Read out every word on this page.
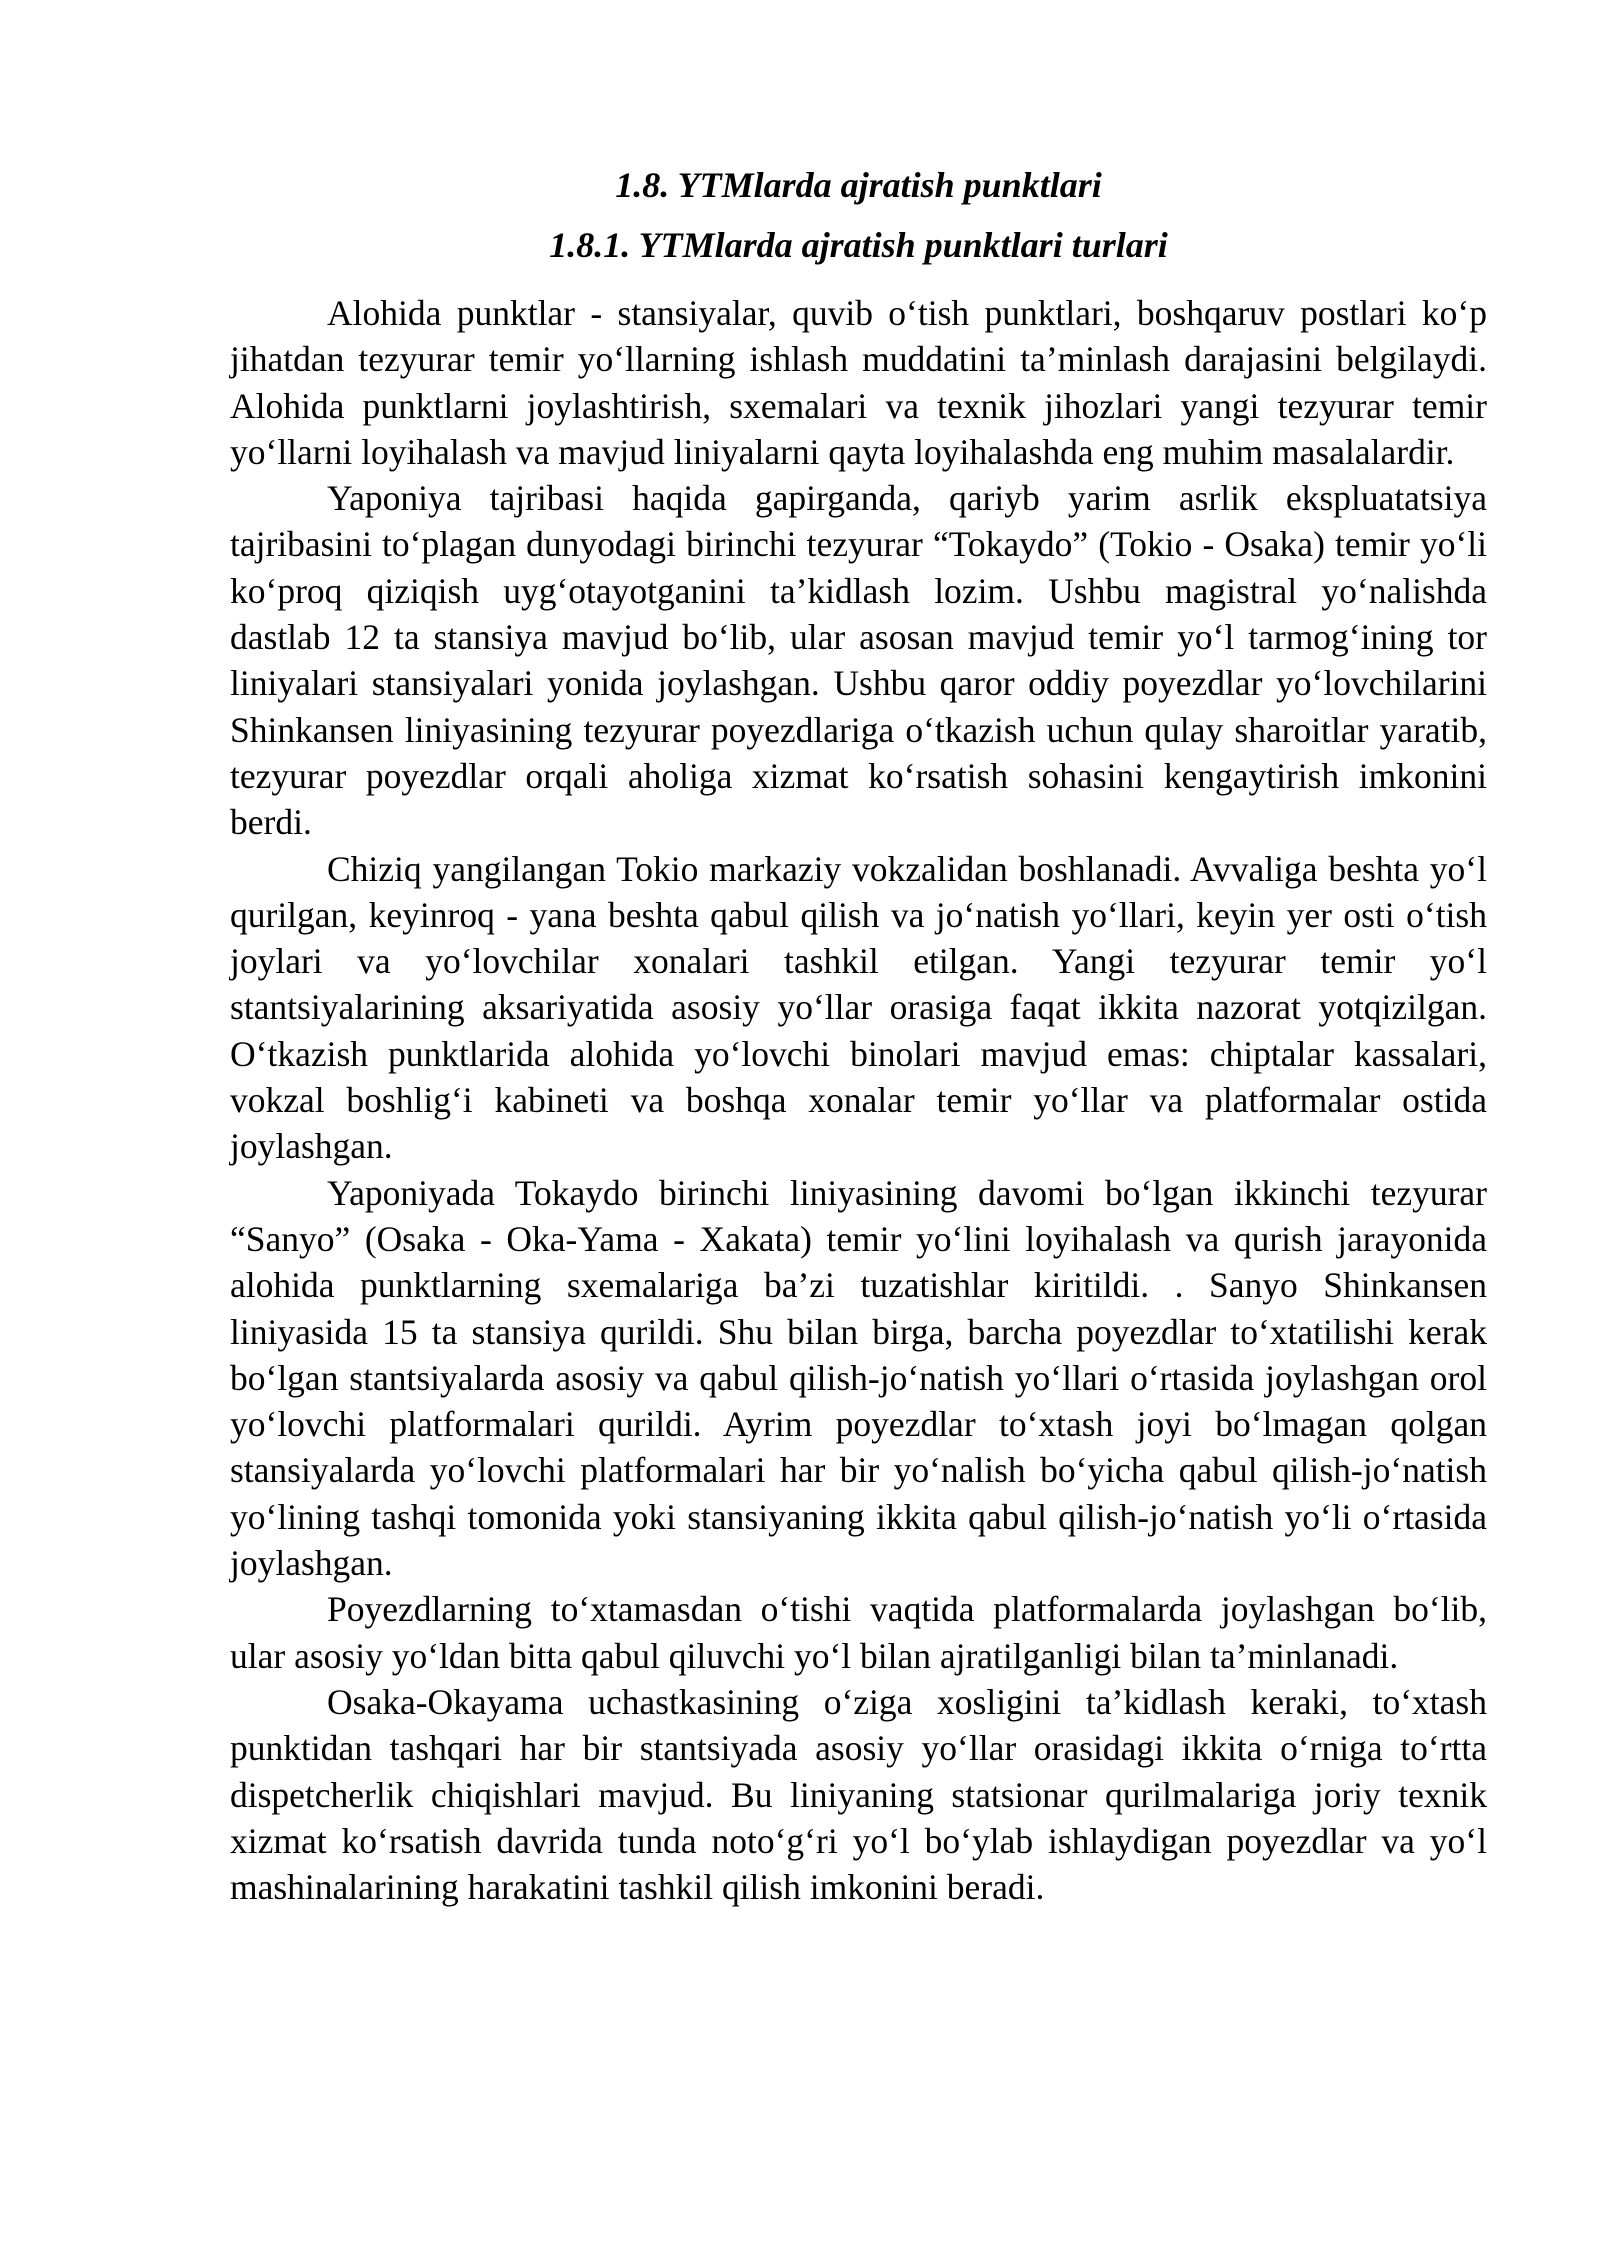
1.8. YTMlarda ajratish punktlari
1.8.1. YTMlarda ajratish punktlari turlari

Alohida punktlar - stansiyalar, quvib o‘tish punktlari, boshqaruv postlari ko‘p jihatdan tezyurar temir yo‘llarning ishlash muddatini ta’minlash darajasini belgilaydi. Alohida punktlarni joylashtirish, sxemalari va texnik jihozlari yangi tezyurar temir yo‘llarni loyihalash va mavjud liniyalarni qayta loyihalashda eng muhim masalalardir.

Yaponiya tajribasi haqida gapirganda, qariyb yarim asrlik ekspluatatsiya tajribasini to‘plagan dunyodagi birinchi tezyurar “Tokaydo” (Tokio - Osaka) temir yo‘li ko‘proq qiziqish uyg‘otayotganini ta’kidlash lozim. Ushbu magistral yo‘nalishda dastlab 12 ta stansiya mavjud bo‘lib, ular asosan mavjud temir yo‘l tarmog‘ining tor liniyalari stansiyalari yonida joylashgan. Ushbu qaror oddiy poyezdlar yo‘lovchilarini Shinkansen liniyasining tezyurar poyezdlariga o‘tkazish uchun qulay sharoitlar yaratib, tezyurar poyezdlar orqali aholiga xizmat ko‘rsatish sohasini kengaytirish imkonini berdi.

Chiziq yangilangan Tokio markaziy vokzalidan boshlanadi. Avvaliga beshta yo‘l qurilgan, keyinroq - yana beshta qabul qilish va jo‘natish yo‘llari, keyin yer osti o‘tish joylari va yo‘lovchilar xonalari tashkil etilgan. Yangi tezyurar temir yo‘l stantsiyalarining aksariyatida asosiy yo‘llar orasiga faqat ikkita nazorat yotqizilgan. O‘tkazish punktlarida alohida yo‘lovchi binolari mavjud emas: chiptalar kassalari, vokzal boshlig‘i kabineti va boshqa xonalar temir yo‘llar va platformalar ostida joylashgan.

Yaponiyada Tokaydo birinchi liniyasining davomi bo‘lgan ikkinchi tezyurar “Sanyo” (Osaka - Oka-Yama - Xakata) temir yo‘lini loyihalash va qurish jarayonida alohida punktlarning sxemalariga ba’zi tuzatishlar kiritildi. . Sanyo Shinkansen liniyasida 15 ta stansiya qurildi. Shu bilan birga, barcha poyezdlar to‘xtatilishi kerak bo‘lgan stantsiyalarda asosiy va qabul qilish-jo‘natish yo‘llari o‘rtasida joylashgan orol yo‘lovchi platformalari qurildi. Ayrim poyezdlar to‘xtash joyi bo‘lmagan qolgan stansiyalarda yo‘lovchi platformalari har bir yo‘nalish bo‘yicha qabul qilish-jo‘natish yo‘lining tashqi tomonida yoki stansiyaning ikkita qabul qilish-jo‘natish yo‘li o‘rtasida joylashgan.

Poyezdlarning to‘xtamasdan o‘tishi vaqtida platformalarda joylashgan bo‘lib, ular asosiy yo‘ldan bitta qabul qiluvchi yo‘l bilan ajratilganligi bilan ta’minlanadi.

Osaka-Okayama uchastkasining o‘ziga xosligini ta’kidlash keraki, to‘xtash punktidan tashqari har bir stantsiyada asosiy yo‘llar orasidagi ikkita o‘rniga to‘rtta dispetcherlik chiqishlari mavjud. Bu liniyaning statsionar qurilmalariga joriy texnik xizmat ko‘rsatish davrida tunda noto‘g‘ri yo‘l bo‘ylab ishlaydigan poyezdlar va yo‘l mashinalarining harakatini tashkil qilish imkonini beradi.
